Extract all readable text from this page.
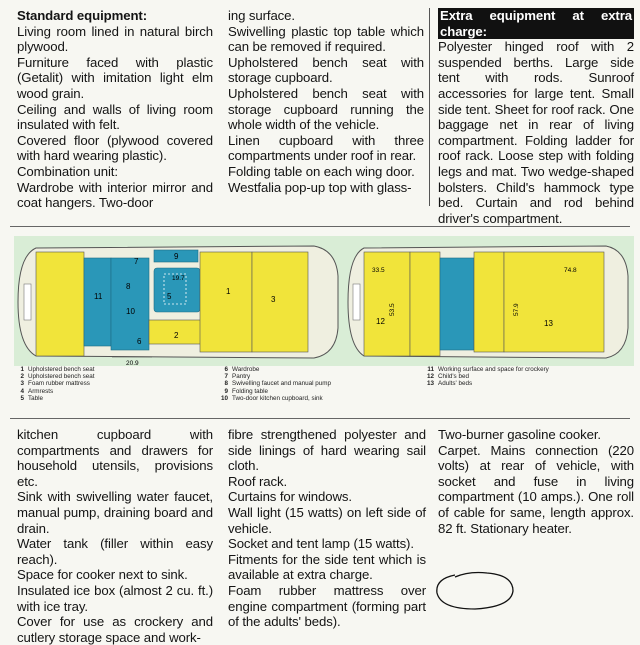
Standard equipment:

Living room lined in natural birch plywood.

Furniture faced with plastic (Getalit) with imitation light elm wood grain.

Ceiling and walls of living room insulated with felt.

Covered floor (plywood covered with hard wearing plastic).

Combination unit:

Wardrobe with interior mirror and coat hangers. Two-door

ing surface.

Swivelling plastic top table which can be removed if required.

Upholstered bench seat with storage cupboard.

Upholstered bench seat with storage cupboard running the whole width of the vehicle.

Linen cupboard with three compartments under roof in rear.

Folding table on each wing door.

Westfalia pop-up top with glass-

Extra equipment at extra charge:

Polyester hinged roof with 2 suspended berths. Large side tent with rods. Sunroof accessories for large tent. Small side tent. Sheet for roof rack. One baggage net in rear of living compartment. Folding ladder for roof rack. Loose step with folding legs and mat. Two wedge-shaped bolsters. Child's hammock type bed. Curtain and rod behind driver's compartment.

11
8
10
7
6
9
5
19.7
2
1
3
20.9
33.5
53.5
12
57.9
74.8
13
1 Upholstered bench seat
2 Upholstered bench seat
3 Foam rubber mattress
4 Armrests
5 Table
6 Wardrobe
7 Pantry
8 Swivelling faucet and manual pump
9 Folding table
10 Two-door kitchen cupboard, sink
11 Working surface and space for crockery
12 Child's bed
13 Adults' beds

kitchen cupboard with compartments and drawers for household utensils, provisions etc.

Sink with swivelling water faucet, manual pump, draining board and drain.

Water tank (filler within easy reach).

Space for cooker next to sink.

Insulated ice box (almost 2 cu. ft.) with ice tray.

Cover for use as crockery and cutlery storage space and work-

fibre strengthened polyester and side linings of hard wearing sail cloth.

Roof rack.

Curtains for windows.

Wall light (15 watts) on left side of vehicle.

Socket and tent lamp (15 watts).

Fitments for the side tent which is available at extra charge.

Foam rubber mattress over engine compartment (forming part of the adults' beds).

Two-burner gasoline cooker.

Carpet. Mains connection (220 volts) at rear of vehicle, with socket and fuse in living compartment (10 amps.). One roll of cable for same, length approx. 82 ft. Stationary heater.
